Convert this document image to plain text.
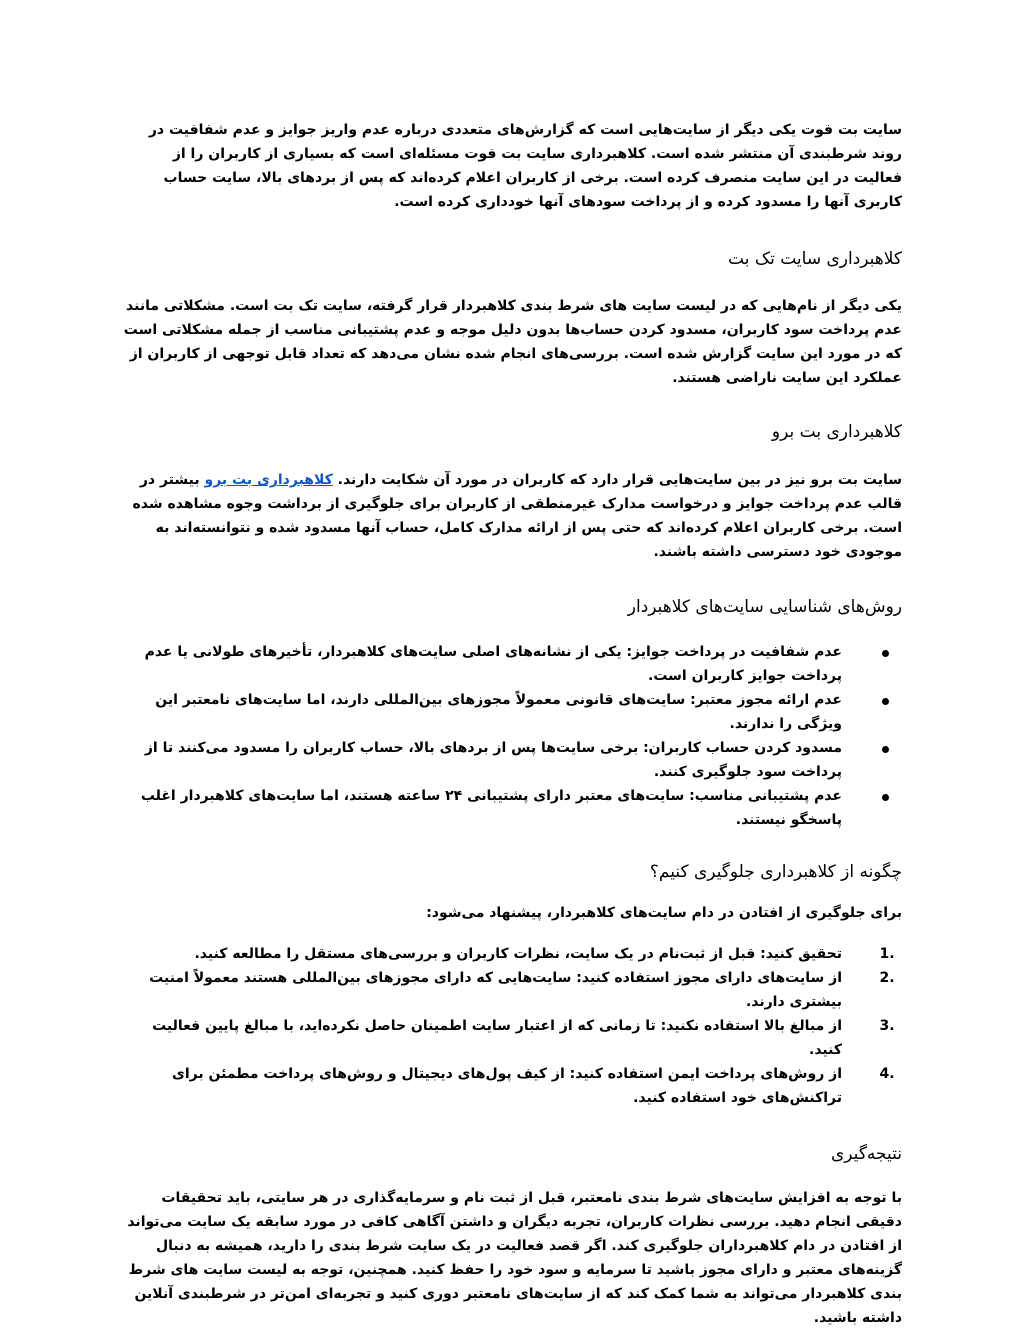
سایت بت فوت یکی دیگر از سایت‌هایی است که گزارش‌های متعددی درباره عدم واریز جوایز و عدم شفافیت در روند شرطبندی آن منتشر شده است. کلاهبرداری سایت بت فوت مسئله‌ای است که بسیاری از کاربران را از فعالیت در این سایت منصرف کرده است. برخی از کاربران اعلام کرده‌اند که پس از بردهای بالا، سایت حساب کاربری آنها را مسدود کرده و از پرداخت سودهای آنها خودداری کرده است.

کلاهبرداری سایت تک بت

یکی دیگر از نام‌هایی که در لیست سایت های شرط بندی کلاهبردار قرار گرفته، سایت تک بت است. مشکلاتی مانند عدم پرداخت سود کاربران، مسدود کردن حساب‌ها بدون دلیل موجه و عدم پشتیبانی مناسب از جمله مشکلاتی است که در مورد این سایت گزارش شده است. بررسی‌های انجام شده نشان می‌دهد که تعداد قابل توجهی از کاربران از عملکرد این سایت ناراضی هستند.

کلاهبرداری بت برو

سایت بت برو نیز در بین سایت‌هایی قرار دارد که کاربران در مورد آن شکایت دارند. کلاهبرداری بت برو بیشتر در قالب عدم پرداخت جوایز و درخواست مدارک غیرمنطقی از کاربران برای جلوگیری از برداشت وجوه مشاهده شده است. برخی کاربران اعلام کرده‌اند که حتی پس از ارائه مدارک کامل، حساب آنها مسدود شده و نتوانسته‌اند به موجودی خود دسترسی داشته باشند.

روش‌های شناسایی سایت‌های کلاهبردار
عدم شفافیت در پرداخت جوایز: یکی از نشانه‌های اصلی سایت‌های کلاهبردار، تأخیرهای طولانی یا عدم پرداخت جوایز کاربران است.
عدم ارائه مجوز معتبر: سایت‌های قانونی معمولاً مجوزهای بین‌المللی دارند، اما سایت‌های نامعتبر این ویژگی را ندارند.
مسدود کردن حساب کاربران: برخی سایت‌ها پس از بردهای بالا، حساب کاربران را مسدود می‌کنند تا از پرداخت سود جلوگیری کنند.
عدم پشتیبانی مناسب: سایت‌های معتبر دارای پشتیبانی ۲۴ ساعته هستند، اما سایت‌های کلاهبردار اغلب پاسخگو نیستند.
چگونه از کلاهبرداری جلوگیری کنیم؟

برای جلوگیری از افتادن در دام سایت‌های کلاهبردار، پیشنهاد می‌شود:

1.
تحقیق کنید: قبل از ثبت‌نام در یک سایت، نظرات کاربران و بررسی‌های مستقل را مطالعه کنید.
2.
از سایت‌های دارای مجوز استفاده کنید: سایت‌هایی که دارای مجوزهای بین‌المللی هستند معمولاً امنیت بیشتری دارند.
3.
از مبالغ بالا استفاده نکنید: تا زمانی که از اعتبار سایت اطمینان حاصل نکرده‌اید، با مبالغ پایین فعالیت کنید.
4.
از روش‌های پرداخت ایمن استفاده کنید: از کیف پول‌های دیجیتال و روش‌های پرداخت مطمئن برای تراکنش‌های خود استفاده کنید.
نتیجه‌گیری

با توجه به افزایش سایت‌های شرط بندی نامعتبر، قبل از ثبت نام و سرمایه‌گذاری در هر سایتی، باید تحقیقات دقیقی انجام دهید. بررسی نظرات کاربران، تجربه دیگران و داشتن آگاهی کافی در مورد سابقه یک سایت می‌تواند از افتادن در دام کلاهبرداران جلوگیری کند. اگر قصد فعالیت در یک سایت شرط بندی را دارید، همیشه به دنبال گزینه‌های معتبر و دارای مجوز باشید تا سرمایه و سود خود را حفظ کنید. همچنین، توجه به لیست سایت های شرط بندی کلاهبردار می‌تواند به شما کمک کند که از سایت‌های نامعتبر دوری کنید و تجربه‌ای امن‌تر در شرطبندی آنلاین داشته باشید.
